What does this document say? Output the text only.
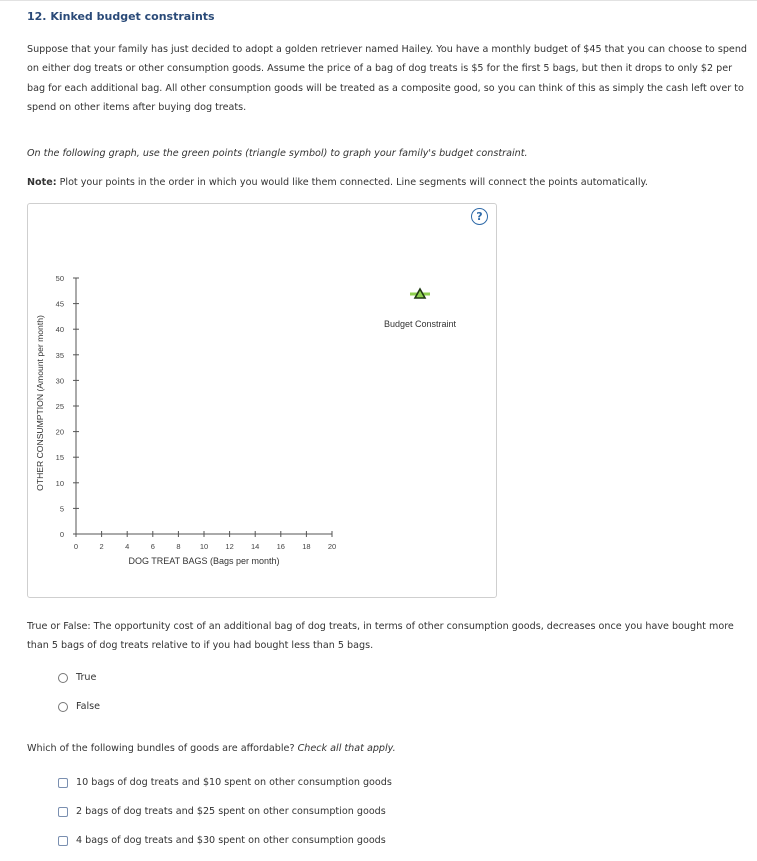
12. Kinked budget constraints
Suppose that your family has just decided to adopt a golden retriever named Hailey. You have a monthly budget of $45 that you can choose to spend on either dog treats or other consumption goods. Assume the price of a bag of dog treats is $5 for the first 5 bags, but then it drops to only $2 per bag for each additional bag. All other consumption goods will be treated as a composite good, so you can think of this as simply the cash left over to spend on other items after buying dog treats.
On the following graph, use the green points (triangle symbol) to graph your family's budget constraint.
Note: Plot your points in the order in which you would like them connected. Line segments will connect the points automatically.
?
0	2	4	6	8	10 12 14 16 18 20
0
5
10
15
20
25
30
35
40
45
50
Budget Constraint
DOG TREAT BAGS (Bags per month)
OTHER CONSUMPTION (Amount per month)
True or False: The opportunity cost of an additional bag of dog treats, in terms of other consumption goods, decreases once you have bought more than 5 bags of dog treats relative to if you had bought less than 5 bags.
True
False
Which of the following bundles of goods are affordable? Check all that apply.
10 bags of dog treats and $10 spent on other consumption goods
2 bags of dog treats and $25 spent on other consumption goods
4 bags of dog treats and $30 spent on other consumption goods
